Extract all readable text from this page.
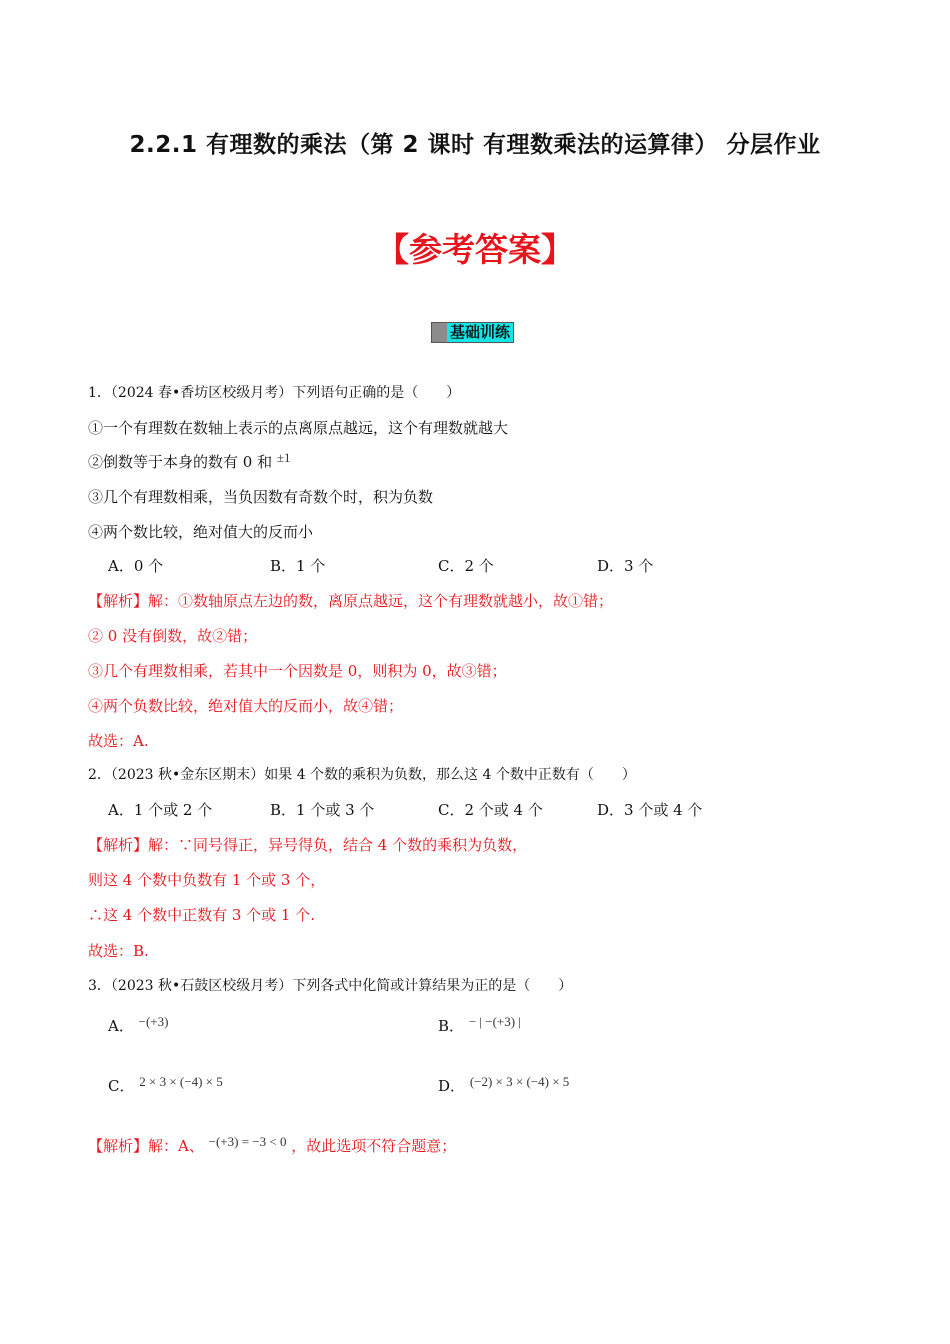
2.2.1 有理数的乘法（第 2 课时 有理数乘法的运算律） 分层作业
【参考答案】
基础训练
1．（2024 春•香坊区校级月考）下列语句正确的是（　　）
①一个有理数在数轴上表示的点离原点越远，这个有理数就越大
②倒数等于本身的数有 0 和 ±1
③几个有理数相乘，当负因数有奇数个时，积为负数
④两个数比较，绝对值大的反而小
A．0 个	B．1 个	C．2 个	D．3 个
【解析】解：①数轴原点左边的数，离原点越远，这个有理数就越小，故①错；
② 0 没有倒数，故②错；
③几个有理数相乘，若其中一个因数是 0，则积为 0，故③错；
④两个负数比较，绝对值大的反而小，故④错；
故选：A.
2．（2023 秋•金东区期末）如果 4 个数的乘积为负数，那么这 4 个数中正数有（　　）
A．1 个或 2 个	B．1 个或 3 个	C．2 个或 4 个	D．3 个或 4 个
【解析】解：∵同号得正，异号得负，结合 4 个数的乘积为负数，
则这 4 个数中负数有 1 个或 3 个，
∴这 4 个数中正数有 3 个或 1 个.
故选：B.
3．（2023 秋•石鼓区校级月考）下列各式中化简或计算结果为正的是（　　）
A． −(+3)	B． − | −(+3) |
C． 2 × 3 × (−4) × 5	D． (−2) × 3 × (−4) × 5
【解析】解：A、 −(+3) = −3 < 0 ，故此选项不符合题意；
